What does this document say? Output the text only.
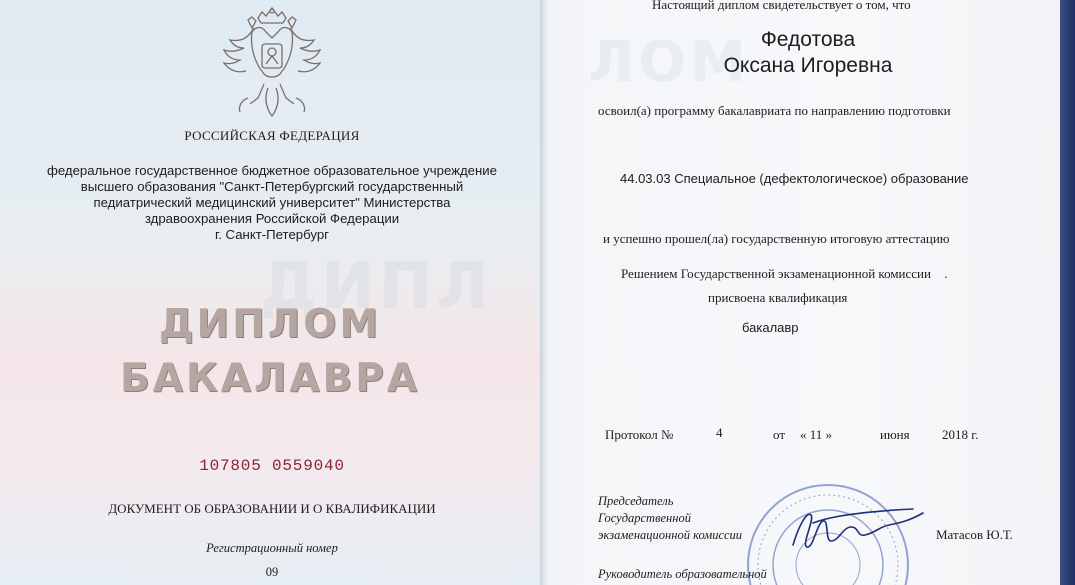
ДИПЛ
РОССИЙСКАЯ ФЕДЕРАЦИЯ
федеральное государственное бюджетное образовательное учреждение
высшего образования "Санкт-Петербургский государственный
педиатрический медицинский университет" Министерства
здравоохранения Российской Федерации
г. Санкт-Петербург
ДИПЛОМ
БАКАЛАВРА
107805 0559040
ДОКУМЕНТ ОБ ОБРАЗОВАНИИ И О КВАЛИФИКАЦИИ
Регистрационный номер
09
ЛОМ
Настоящий диплом свидетельствует о том, что
Федотова
Оксана Игоревна
освоил(а) программу бакалавриата по направлению подготовки
44.03.03 Специальное (дефектологическое) образование
и успешно прошел(ла) государственную итоговую аттестацию
Решением Государственной экзаменационной комиссии .
присвоена квалификация
бакалавр
Протокол №	4	от « 11 »	июня 2018 г.
Председатель
Государственной
экзаменационной комиссии	Матасов Ю.Т.
Руководитель образовательной
